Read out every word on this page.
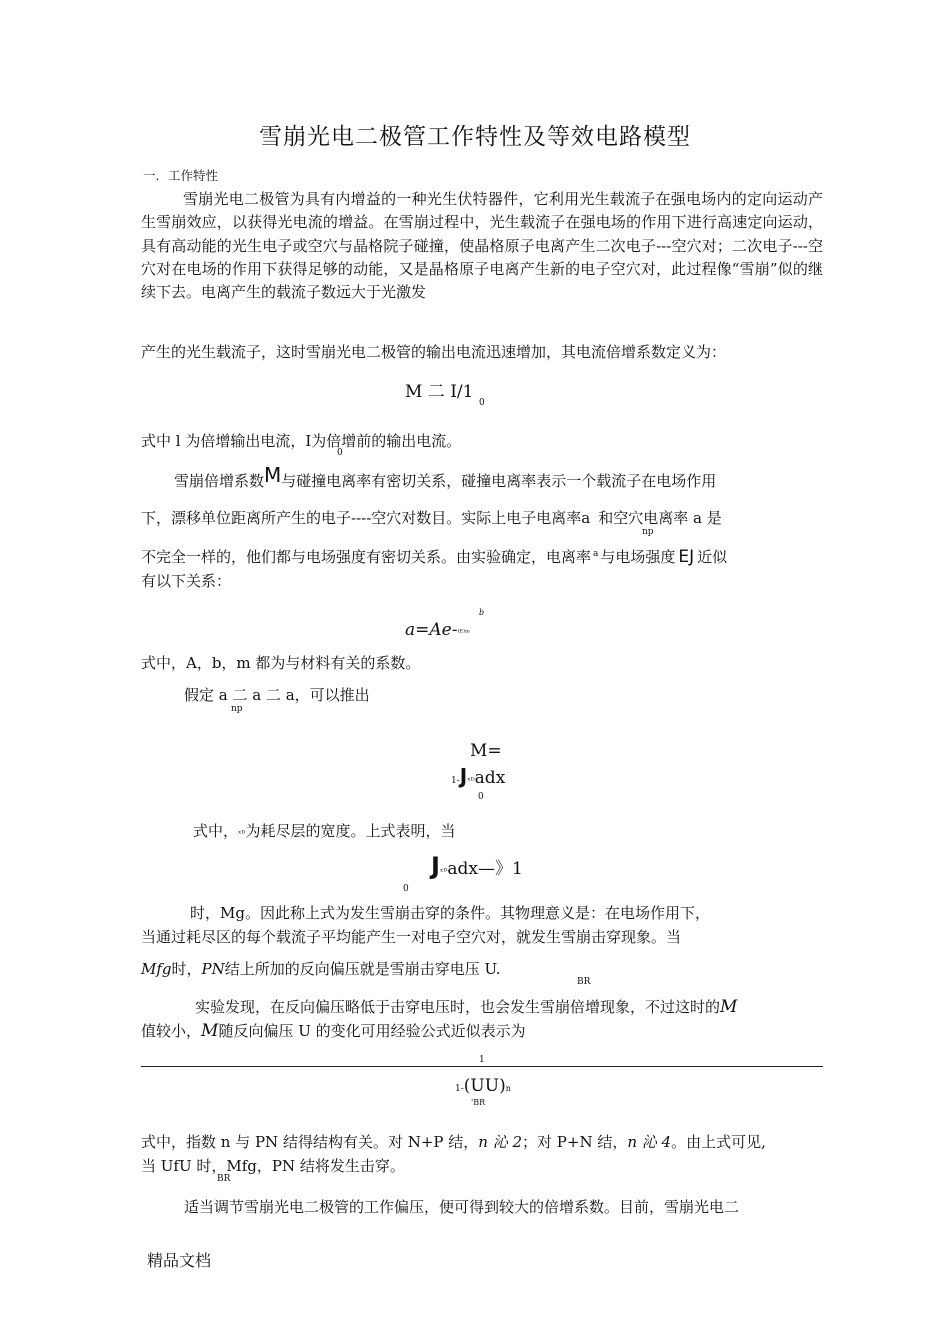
雪崩光电二极管工作特性及等效电路模型
一．工作特性

雪崩光电二极管为具有内增益的一种光生伏特器件，它利用光生载流子在强电场内的定向运动产生雪崩效应，以获得光电流的增益。在雪崩过程中，光生载流子在强电场的作用下进行高速定向运动，具有高动能的光生电子或空穴与晶格院子碰撞，使晶格原子电离产生二次电子---空穴对；二次电子---空穴对在电场的作用下获得足够的动能，又是晶格原子电离产生新的电子空穴对，此过程像“雪崩”似的继续下去。电离产生的载流子数远大于光激发

产生的光生载流子，这时雪崩光电二极管的输出电流迅速增加，其电流倍增系数定义为：
M 二 I/1
0
式中 l 为倍增输出电流，I为倍增前的输出电流。
0
雪崩倍增系数M与碰撞电离率有密切关系，碰撞电离率表示一个载流子在电场作用
下，漂移单位距离所产生的电子----空穴对数目。实际上电子电离率a 和空穴电离率 a 是
np
不完全一样的，他们都与电场强度有密切关系。由实验确定，电离率 $^a$ 与电场强度 EJ 近似
有以下关系：
b
a=Ae-⁽ᴱ⁾ᵐ
式中，A，b，m 都为与材料有关的系数。
假定 a 二 a 二 a，可以推出
np
M=
1-Jˣᴰadx
0
式中，ˣᴰ为耗尽层的宽度。上式表明，当
Jˣᴰadx—》1
0
时，Mg。因此称上式为发生雪崩击穿的条件。其物理意义是：在电场作用下，
当通过耗尽区的每个载流子平均能产生一对电子空穴对，就发生雪崩击穿现象。当
Mfg时，PN结上所加的反向偏压就是雪崩击穿电压 U.
BR
实验发现，在反向偏压略低于击穿电压时，也会发生雪崩倍增现象，不过这时的M
值较小，M随反向偏压 U 的变化可用经验公式近似表示为
1
1-(UU)n
'BR
式中，指数 n 与 PN 结得结构有关。对 N+P 结，n 沁 2；对 P+N 结，n 沁 4。由上式可见,
当 UfU 时，Mfg，PN 结将发生击穿。
BR
适当调节雪崩光电二极管的工作偏压，便可得到较大的倍增系数。目前，雪崩光电二
精品文档
